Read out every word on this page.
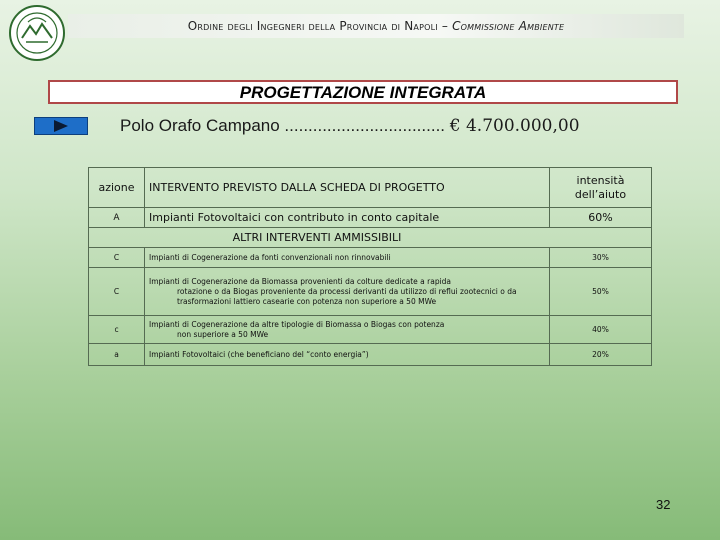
Ordine degli Ingegneri della Provincia di Napoli – Commissione Ambiente
PROGETTAZIONE INTEGRATA
Polo Orafo Campano .................................. € 4.700.000,00
azione	INTERVENTO PREVISTO DALLA SCHEDA DI PROGETTO	intensità dell’aiuto
A	Impianti Fotovoltaici con contributo in conto capitale	60%
ALTRI INTERVENTI AMMISSIBILI		
C	Impianti di Cogenerazione da fonti convenzionali non rinnovabili	30%
C	Impianti di Cogenerazione da Biomassa provenienti da colture dedicate a rapida
rotazione o da Biogas proveniente da processi derivanti da utilizzo di reflui zootecnici o da trasformazioni lattiero casearie con potenza non superiore a 50 MWe	50%
c	Impianti di Cogenerazione da altre tipologie di Biomassa o Biogas con potenza
non superiore a 50 MWe	40%
a	Impianti Fotovoltaici (che beneficiano del “conto energia”)	20%
32
